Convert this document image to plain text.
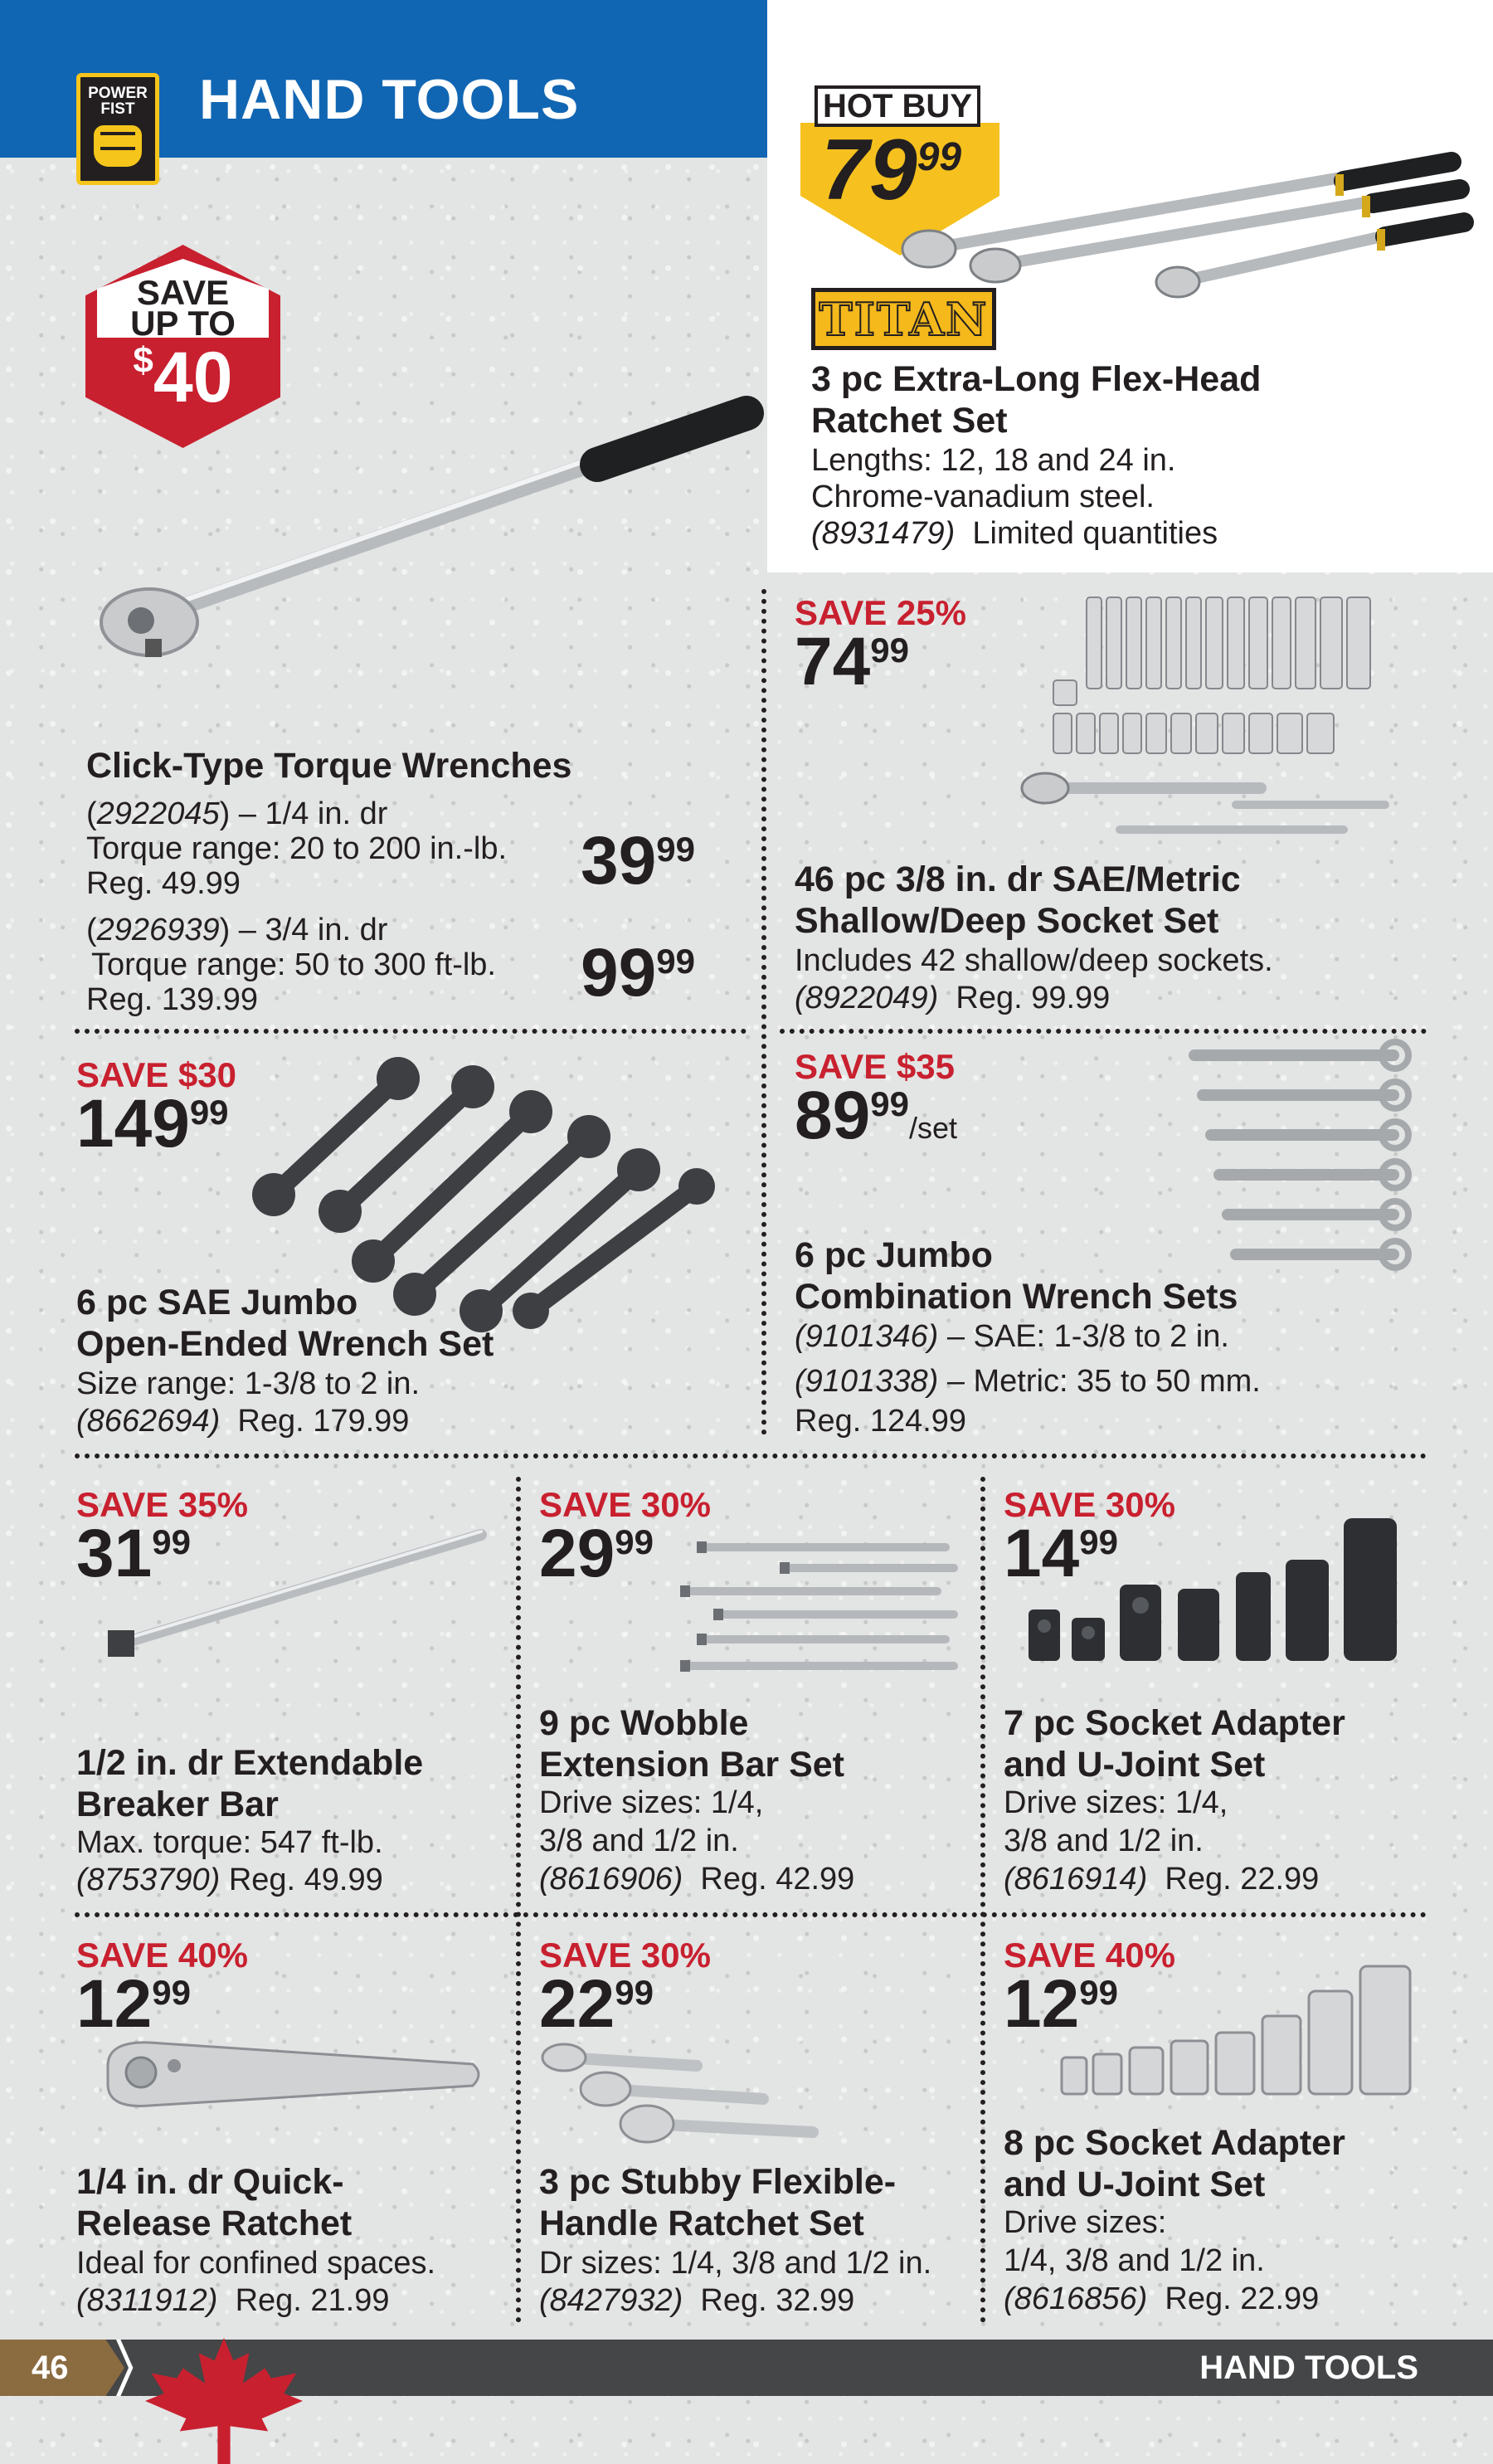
POWER
FIST HAND TOOLS
SAVE
UP TO
$40
HOT BUY
$79^{99}$
TITAN
3 pc Extra-Long Flex-Head
Ratchet Set
Lengths: 12, 18 and 24 in.
Chrome-vanadium steel.
(8931479) Limited quantities
Click-Type Torque Wrenches
(2922045) – 1/4 in. dr
Torque range: 20 to 200 in.-lb.
Reg. 49.99	$39^{99}$
(2926939) – 3/4 in. dr
Torque range: 50 to 300 ft-lb.
Reg. 139.99	$99^{99}$
SAVE 25%
$74^{99}$
46 pc 3/8 in. dr SAE/Metric
Shallow/Deep Socket Set
Includes 42 shallow/deep sockets.
(8922049) Reg. 99.99
SAVE $30
$149^{99}$
6 pc SAE Jumbo
Open-Ended Wrench Set
Size range: 1-3/8 to 2 in.
(8662694) Reg. 179.99
SAVE $35
$89^{99}$/set
6 pc Jumbo
Combination Wrench Sets
(9101346) – SAE: 1-3/8 to 2 in.
(9101338) – Metric: 35 to 50 mm.
Reg. 124.99
SAVE 35%
$31^{99}$
1/2 in. dr Extendable
Breaker Bar
Max. torque: 547 ft-lb.
(8753790) Reg. 49.99
SAVE 30%
$29^{99}$
9 pc Wobble
Extension Bar Set
Drive sizes: 1/4,
3/8 and 1/2 in.
(8616906) Reg. 42.99
SAVE 30%
$14^{99}$
7 pc Socket Adapter
and U-Joint Set
Drive sizes: 1/4,
3/8 and 1/2 in.
(8616914) Reg. 22.99
SAVE 40%
$12^{99}$
1/4 in. dr Quick-
Release Ratchet
Ideal for confined spaces.
(8311912) Reg. 21.99
SAVE 30%
$22^{99}$
3 pc Stubby Flexible-
Handle Ratchet Set
Dr sizes: 1/4, 3/8 and 1/2 in.
(8427932) Reg. 32.99
SAVE 40%
$12^{99}$
8 pc Socket Adapter
and U-Joint Set
Drive sizes:
1/4, 3/8 and 1/2 in.
(8616856) Reg. 22.99
46	HAND TOOLS
